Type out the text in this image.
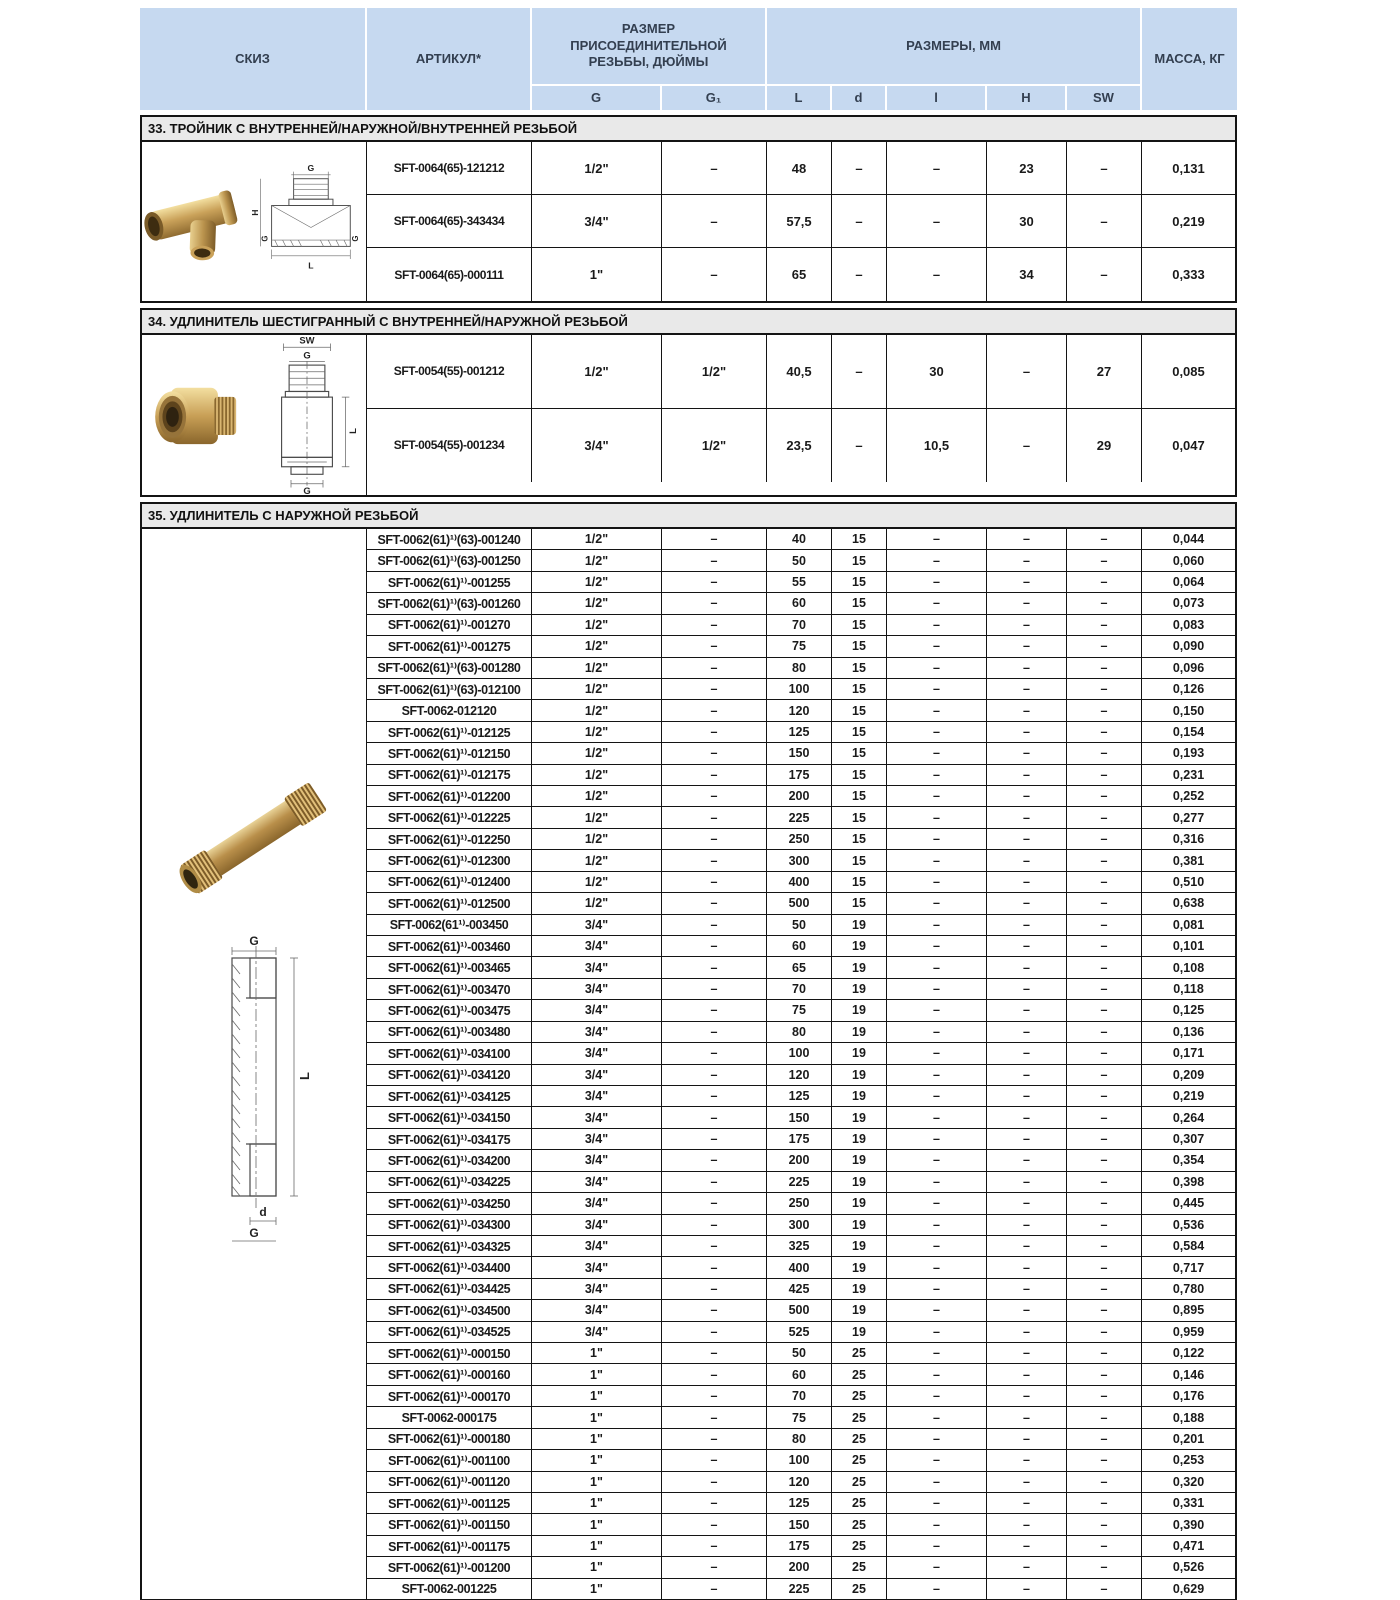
СКИЗ	АРТИКУЛ*
РАЗМЕР ПРИСОЕДИНИТЕЛЬНОЙ РЕЗЬБЫ, ДЮЙМЫ
РАЗМЕРЫ, ММ
МАССА, КГ
G	G₁	L	d	l	H	SW
33. ТРОЙНИК С ВНУТРЕННЕЙ/НАРУЖНОЙ/ВНУТРЕННЕЙ РЕЗЬБОЙ
G
H
G	G
L
SFT-0064(65)-121212	1/2"	–	48	–	–	23	–	0,131
SFT-0064(65)-343434	3/4"	–	57,5	–	–	30	–	0,219
SFT-0064(65)-000111	1"	–	65	–	–	34	–	0,333
34. УДЛИНИТЕЛЬ ШЕСТИГРАННЫЙ С ВНУТРЕННЕЙ/НАРУЖНОЙ РЕЗЬБОЙ
SW
G
L
G
SFT-0054(55)-001212	1/2"	1/2"	40,5	–	30	–	27	0,085
SFT-0054(55)-001234	3/4"	1/2"	23,5	–	10,5	–	29	0,047
35. УДЛИНИТЕЛЬ С НАРУЖНОЙ РЕЗЬБОЙ
G
L
d
G
SFT-0062(61)¹⁾(63)-001240	1/2"	–	40	15	–	–	–	0,044
SFT-0062(61)¹⁾(63)-001250	1/2"	–	50	15	–	–	–	0,060
SFT-0062(61)¹⁾-001255	1/2"	–	55	15	–	–	–	0,064
SFT-0062(61)¹⁾(63)-001260	1/2"	–	60	15	–	–	–	0,073
SFT-0062(61)¹⁾-001270	1/2"	–	70	15	–	–	–	0,083
SFT-0062(61)¹⁾-001275	1/2"	–	75	15	–	–	–	0,090
SFT-0062(61)¹⁾(63)-001280	1/2"	–	80	15	–	–	–	0,096
SFT-0062(61)¹⁾(63)-012100	1/2"	–	100	15	–	–	–	0,126
SFT-0062-012120	1/2"	–	120	15	–	–	–	0,150
SFT-0062(61)¹⁾-012125	1/2"	–	125	15	–	–	–	0,154
SFT-0062(61)¹⁾-012150	1/2"	–	150	15	–	–	–	0,193
SFT-0062(61)¹⁾-012175	1/2"	–	175	15	–	–	–	0,231
SFT-0062(61)¹⁾-012200	1/2"	–	200	15	–	–	–	0,252
SFT-0062(61)¹⁾-012225	1/2"	–	225	15	–	–	–	0,277
SFT-0062(61)¹⁾-012250	1/2"	–	250	15	–	–	–	0,316
SFT-0062(61)¹⁾-012300	1/2"	–	300	15	–	–	–	0,381
SFT-0062(61)¹⁾-012400	1/2"	–	400	15	–	–	–	0,510
SFT-0062(61)¹⁾-012500	1/2"	–	500	15	–	–	–	0,638
SFT-0062(61¹⁾-003450	3/4"	–	50	19	–	–	–	0,081
SFT-0062(61)¹⁾-003460	3/4"	–	60	19	–	–	–	0,101
SFT-0062(61)¹⁾-003465	3/4"	–	65	19	–	–	–	0,108
SFT-0062(61)¹⁾-003470	3/4"	–	70	19	–	–	–	0,118
SFT-0062(61)¹⁾-003475	3/4"	–	75	19	–	–	–	0,125
SFT-0062(61)¹⁾-003480	3/4"	–	80	19	–	–	–	0,136
SFT-0062(61)¹⁾-034100	3/4"	–	100	19	–	–	–	0,171
SFT-0062(61)¹⁾-034120	3/4"	–	120	19	–	–	–	0,209
SFT-0062(61)¹⁾-034125	3/4"	–	125	19	–	–	–	0,219
SFT-0062(61)¹⁾-034150	3/4"	–	150	19	–	–	–	0,264
SFT-0062(61)¹⁾-034175	3/4"	–	175	19	–	–	–	0,307
SFT-0062(61)¹⁾-034200	3/4"	–	200	19	–	–	–	0,354
SFT-0062(61)¹⁾-034225	3/4"	–	225	19	–	–	–	0,398
SFT-0062(61)¹⁾-034250	3/4"	–	250	19	–	–	–	0,445
SFT-0062(61)¹⁾-034300	3/4"	–	300	19	–	–	–	0,536
SFT-0062(61)¹⁾-034325	3/4"	–	325	19	–	–	–	0,584
SFT-0062(61)¹⁾-034400	3/4"	–	400	19	–	–	–	0,717
SFT-0062(61)¹⁾-034425	3/4"	–	425	19	–	–	–	0,780
SFT-0062(61)¹⁾-034500	3/4"	–	500	19	–	–	–	0,895
SFT-0062(61)¹⁾-034525	3/4"	–	525	19	–	–	–	0,959
SFT-0062(61)¹⁾-000150	1"	–	50	25	–	–	–	0,122
SFT-0062(61)¹⁾-000160	1"	–	60	25	–	–	–	0,146
SFT-0062(61)¹⁾-000170	1"	–	70	25	–	–	–	0,176
SFT-0062-000175	1"	–	75	25	–	–	–	0,188
SFT-0062(61)¹⁾-000180	1"	–	80	25	–	–	–	0,201
SFT-0062(61)¹⁾-001100	1"	–	100	25	–	–	–	0,253
SFT-0062(61)¹⁾-001120	1"	–	120	25	–	–	–	0,320
SFT-0062(61)¹⁾-001125	1"	–	125	25	–	–	–	0,331
SFT-0062(61)¹⁾-001150	1"	–	150	25	–	–	–	0,390
SFT-0062(61)¹⁾-001175	1"	–	175	25	–	–	–	0,471
SFT-0062(61)¹⁾-001200	1"	–	200	25	–	–	–	0,526
SFT-0062-001225	1"	–	225	25	–	–	–	0,629
